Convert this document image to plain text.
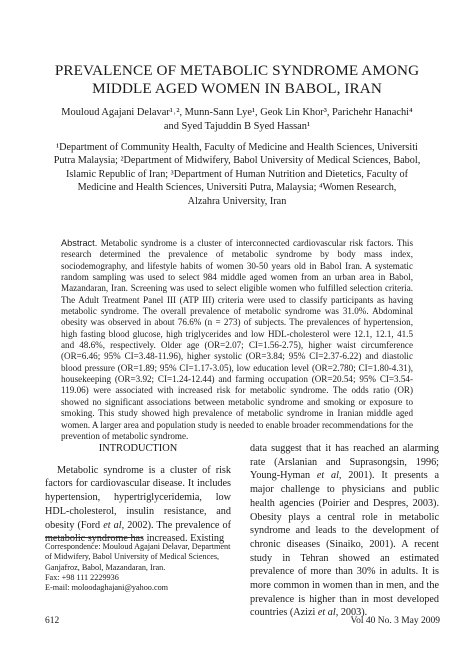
PREVALENCE OF METABOLIC SYNDROME AMONG
MIDDLE AGED WOMEN IN BABOL, IRAN
Mouloud Agajani Delavar¹˒², Munn-Sann Lye¹, Geok Lin Khor³, Parichehr Hanachi⁴
and Syed Tajuddin B Syed Hassan¹
¹Department of Community Health, Faculty of Medicine and Health Sciences, Universiti
Putra Malaysia; ²Department of Midwifery, Babol University of Medical Sciences, Babol,
Islamic Republic of Iran; ³Department of Human Nutrition and Dietetics, Faculty of
Medicine and Health Sciences, Universiti Putra, Malaysia; ⁴Women Research,
Alzahra University, Iran
Abstract. Metabolic syndrome is a cluster of interconnected cardiovascular risk factors. This research determined the prevalence of metabolic syndrome by body mass index, sociodemography, and lifestyle habits of women 30-50 years old in Babol Iran. A systematic random sampling was used to select 984 middle aged women from an urban area in Babol, Mazandaran, Iran. Screening was used to select eligible women who fulfilled selection criteria. The Adult Treatment Panel III (ATP III) criteria were used to classify participants as having metabolic syndrome. The overall prevalence of metabolic syndrome was 31.0%. Abdominal obesity was observed in about 76.6% (n = 273) of subjects. The prevalences of hypertension, high fasting blood glucose, high triglycerides and low HDL-cholesterol were 12.1, 12.1, 41.5 and 48.6%, respectively. Older age (OR=2.07; CI=1.56-2.75), higher waist circumference (OR=6.46; 95% CI=3.48-11.96), higher systolic (OR=3.84; 95% CI=2.37-6.22) and diastolic blood pressure (OR=1.89; 95% CI=1.17-3.05), low education level (OR=2.780; CI=1.80-4.31), housekeeping (OR=3.92; CI=1.24-12.44) and farming occupation (OR=20.54; 95% CI=3.54-119.06) were associated with increased risk for metabolic syndrome. The odds ratio (OR) showed no significant associations between metabolic syndrome and smoking or exposure to smoking. This study showed high prevalence of metabolic syndrome in Iranian middle aged women. A larger area and population study is needed to enable broader recommendations for the prevention of metabolic syndrome.
INTRODUCTION

Metabolic syndrome is a cluster of risk factors for cardiovascular disease. It includes hypertension, hypertriglyceridemia, low HDL-cholesterol, insulin resistance, and obesity (Ford et al, 2002). The prevalence of metabolic syndrome has increased. Existing

Correspondence: Mouloud Agajani Delavar, Department of Midwifery, Babol University of Medical Sciences, Ganjafroz, Babol, Mazandaran, Iran.
Fax: +98 111 2229936
E-mail: moloodaghajani@yahoo.com
data suggest that it has reached an alarming rate (Arslanian and Suprasongsin, 1996; Young-Hyman et al, 2001). It presents a major challenge to physicians and public health agencies (Poirier and Despres, 2003). Obesity plays a central role in metabolic syndrome and leads to the development of chronic diseases (Sinaiko, 2001). A recent study in Tehran showed an estimated prevalence of more than 30% in adults. It is more common in women than in men, and the prevalence is higher than in most developed countries (Azizi et al, 2003).
612	Vol 40 No. 3 May 2009
